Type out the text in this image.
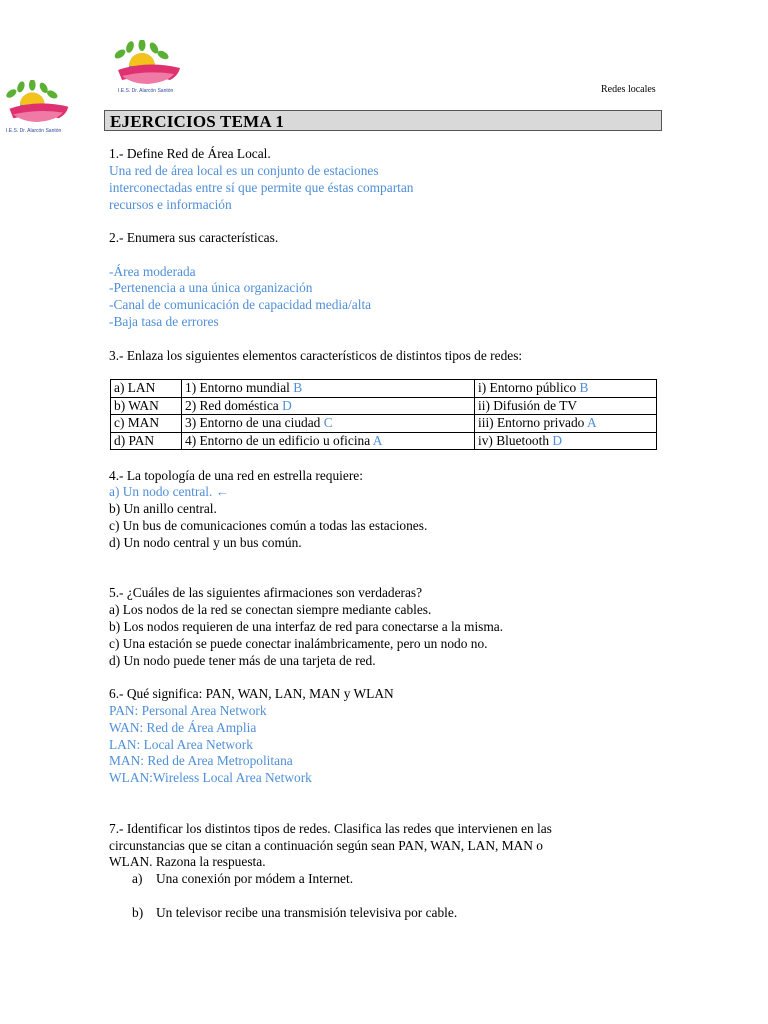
I.E.S. Dr. Alarcón Santón
I.E.S. Dr. Alarcón Santón
Redes locales
EJERCICIOS TEMA 1
1.- Define Red de Área Local.
Una red de área local es un conjunto de estaciones
interconectadas entre sí que permite que éstas compartan
recursos e información
2.- Enumera sus características.
-Área moderada
-Pertenencia a una única organización
-Canal de comunicación de capacidad media/alta
-Baja tasa de errores
3.- Enlaza los siguientes elementos característicos de distintos tipos de redes:
a) LAN	1) Entorno mundial B	i) Entorno público B
b) WAN	2) Red doméstica D	ii) Difusión de TV
c) MAN	3) Entorno de una ciudad C	iii) Entorno privado A
d) PAN	4) Entorno de un edificio u oficina A	iv) Bluetooth D
4.- La topología de una red en estrella requiere:
a) Un nodo central. ←
b) Un anillo central.
c) Un bus de comunicaciones común a todas las estaciones.
d) Un nodo central y un bus común.
5.- ¿Cuáles de las siguientes afirmaciones son verdaderas?
a) Los nodos de la red se conectan siempre mediante cables.
b) Los nodos requieren de una interfaz de red para conectarse a la misma.
c) Una estación se puede conectar inalámbricamente, pero un nodo no.
d) Un nodo puede tener más de una tarjeta de red.
6.- Qué significa: PAN, WAN, LAN, MAN y WLAN
PAN: Personal Area Network
WAN: Red de Área Amplia
LAN: Local Area Network
MAN: Red de Area Metropolitana
WLAN:Wireless Local Area Network
7.- Identificar los distintos tipos de redes. Clasifica las redes que intervienen en las
circunstancias que se citan a continuación según sean PAN, WAN, LAN, MAN o
WLAN. Razona la respuesta.
a) Una conexión por módem a Internet.
b) Un televisor recibe una transmisión televisiva por cable.
